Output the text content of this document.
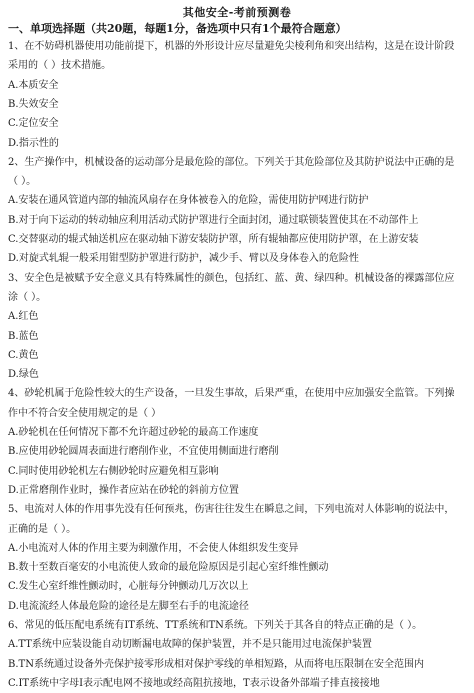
其他安全-考前预测卷
一、单项选择题（共20题，每题1分，备选项中只有1个最符合题意）
1、在不妨碍机器使用功能前提下，机器的外形设计应尽量避免尖棱利角和突出结构，这是在设计阶段
采用的（ ）技术措施。
A.本质安全
B.失效安全
C.定位安全
D.指示性的
2、生产操作中，机械设备的运动部分是最危险的部位。下列关于其危险部位及其防护说法中正确的是
（ ）。
A.安装在通风管道内部的轴流风扇存在身体被卷入的危险，需使用防护网进行防护
B.对于向下运动的转动轴应利用活动式防护罩进行全面封闭，通过联锁装置使其在不动部件上
C.交替驱动的辊式轴送机应在驱动轴下游安装防护罩，所有辊轴都应使用防护罩，在上游安装
D.对旋式轧辊一般采用钳型防护罩进行防护，减少手、臂以及身体卷入的危险性
3、安全色是被赋予安全意义具有特殊属性的颜色，包括红、蓝、黄、绿四种。机械设备的裸露部位应
涂（ ）。
A.红色
B.蓝色
C.黄色
D.绿色
4、砂轮机属于危险性较大的生产设备，一旦发生事故，后果严重，在使用中应加强安全监管。下列操
作中不符合安全使用规定的是（ ）
A.砂轮机在任何情况下都不允许超过砂轮的最高工作速度
B.应使用砂轮圆周表面进行磨削作业，不宜使用侧面进行磨削
C.同时使用砂轮机左右侧砂轮时应避免相互影响
D.正常磨削作业时，操作者应站在砂轮的斜前方位置
5、电流对人体的作用事先没有任何预兆，伤害往往发生在瞬息之间，下列电流对人体影响的说法中，
正确的是（ ）。
A.小电流对人体的作用主要为刺激作用，不会使人体组织发生变异
B.数十至数百毫安的小电流使人致命的最危险原因是引起心室纤维性颤动
C.发生心室纤维性颤动时，心脏每分钟颤动几万次以上
D.电流流经人体最危险的途径是左脚至右手的电流途径
6、常见的低压配电系统有IT系统、TT系统和TN系统。下列关于其各自的特点正确的是（ ）。
A.TT系统中应装设能自动切断漏电故障的保护装置，并不是只能用过电流保护装置
B.TN系统通过设备外壳保护接零形成相对保护零线的单相短路，从而将电压限制在安全范围内
C.IT系统中字母I表示配电网不接地或经高阻抗接地，T表示设备外部端子排直接接地
